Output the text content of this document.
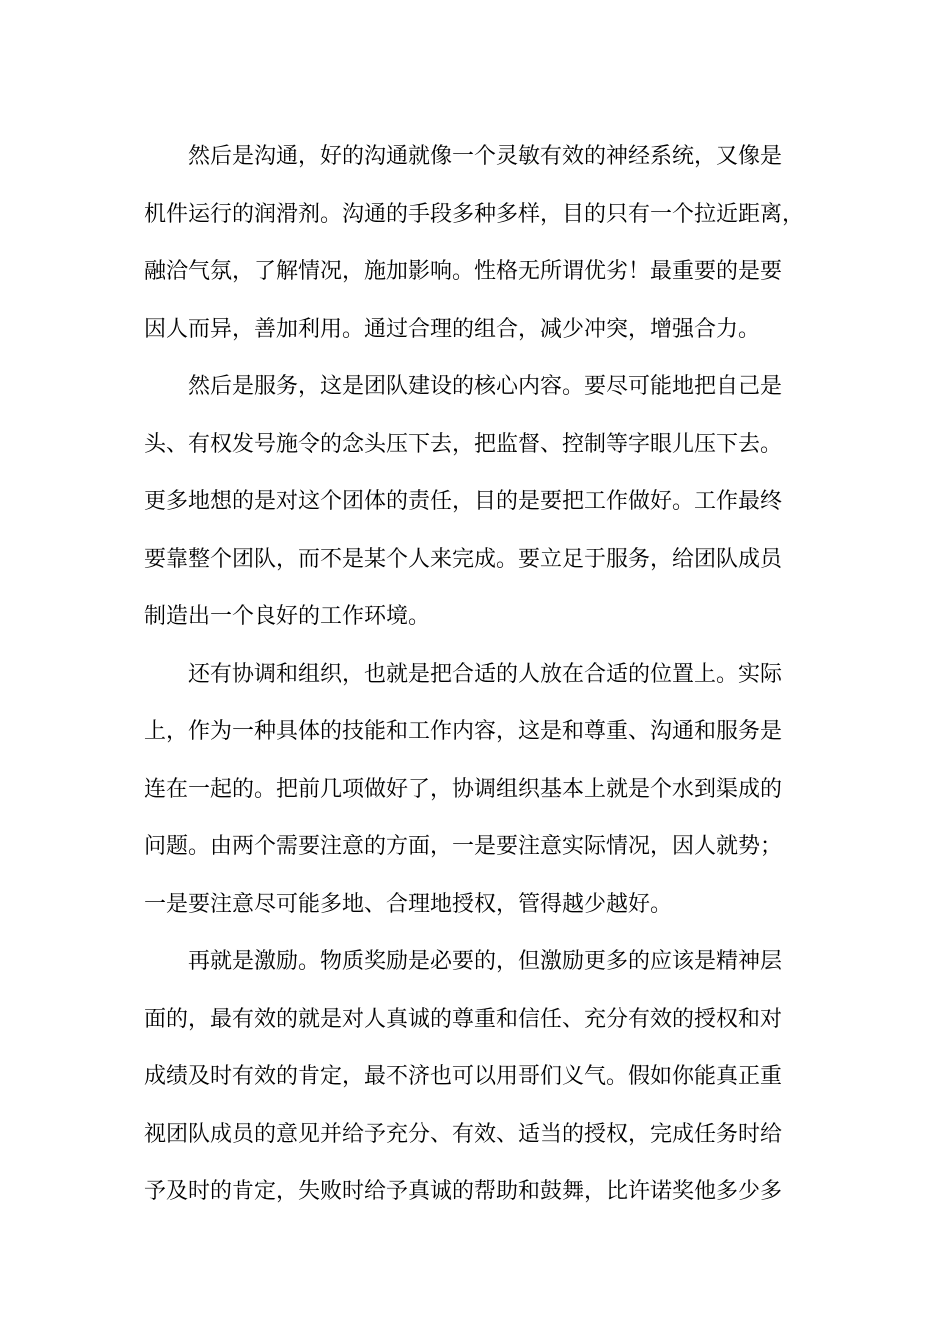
然后是沟通，好的沟通就像一个灵敏有效的神经系统，又像是
机件运行的润滑剂。沟通的手段多种多样，目的只有一个拉近距离，
融洽气氛，了解情况，施加影响。性格无所谓优劣！最重要的是要
因人而异，善加利用。通过合理的组合，减少冲突，增强合力。
然后是服务，这是团队建设的核心内容。要尽可能地把自己是
头、有权发号施令的念头压下去，把监督、控制等字眼儿压下去。
更多地想的是对这个团体的责任，目的是要把工作做好。工作最终
要靠整个团队，而不是某个人来完成。要立足于服务，给团队成员
制造出一个良好的工作环境。
还有协调和组织，也就是把合适的人放在合适的位置上。实际
上，作为一种具体的技能和工作内容，这是和尊重、沟通和服务是
连在一起的。把前几项做好了，协调组织基本上就是个水到渠成的
问题。由两个需要注意的方面，一是要注意实际情况，因人就势；
一是要注意尽可能多地、合理地授权，管得越少越好。
再就是激励。物质奖励是必要的，但激励更多的应该是精神层
面的，最有效的就是对人真诚的尊重和信任、充分有效的授权和对
成绩及时有效的肯定，最不济也可以用哥们义气。假如你能真正重
视团队成员的意见并给予充分、有效、适当的授权，完成任务时给
予及时的肯定，失败时给予真诚的帮助和鼓舞，比许诺奖他多少多
